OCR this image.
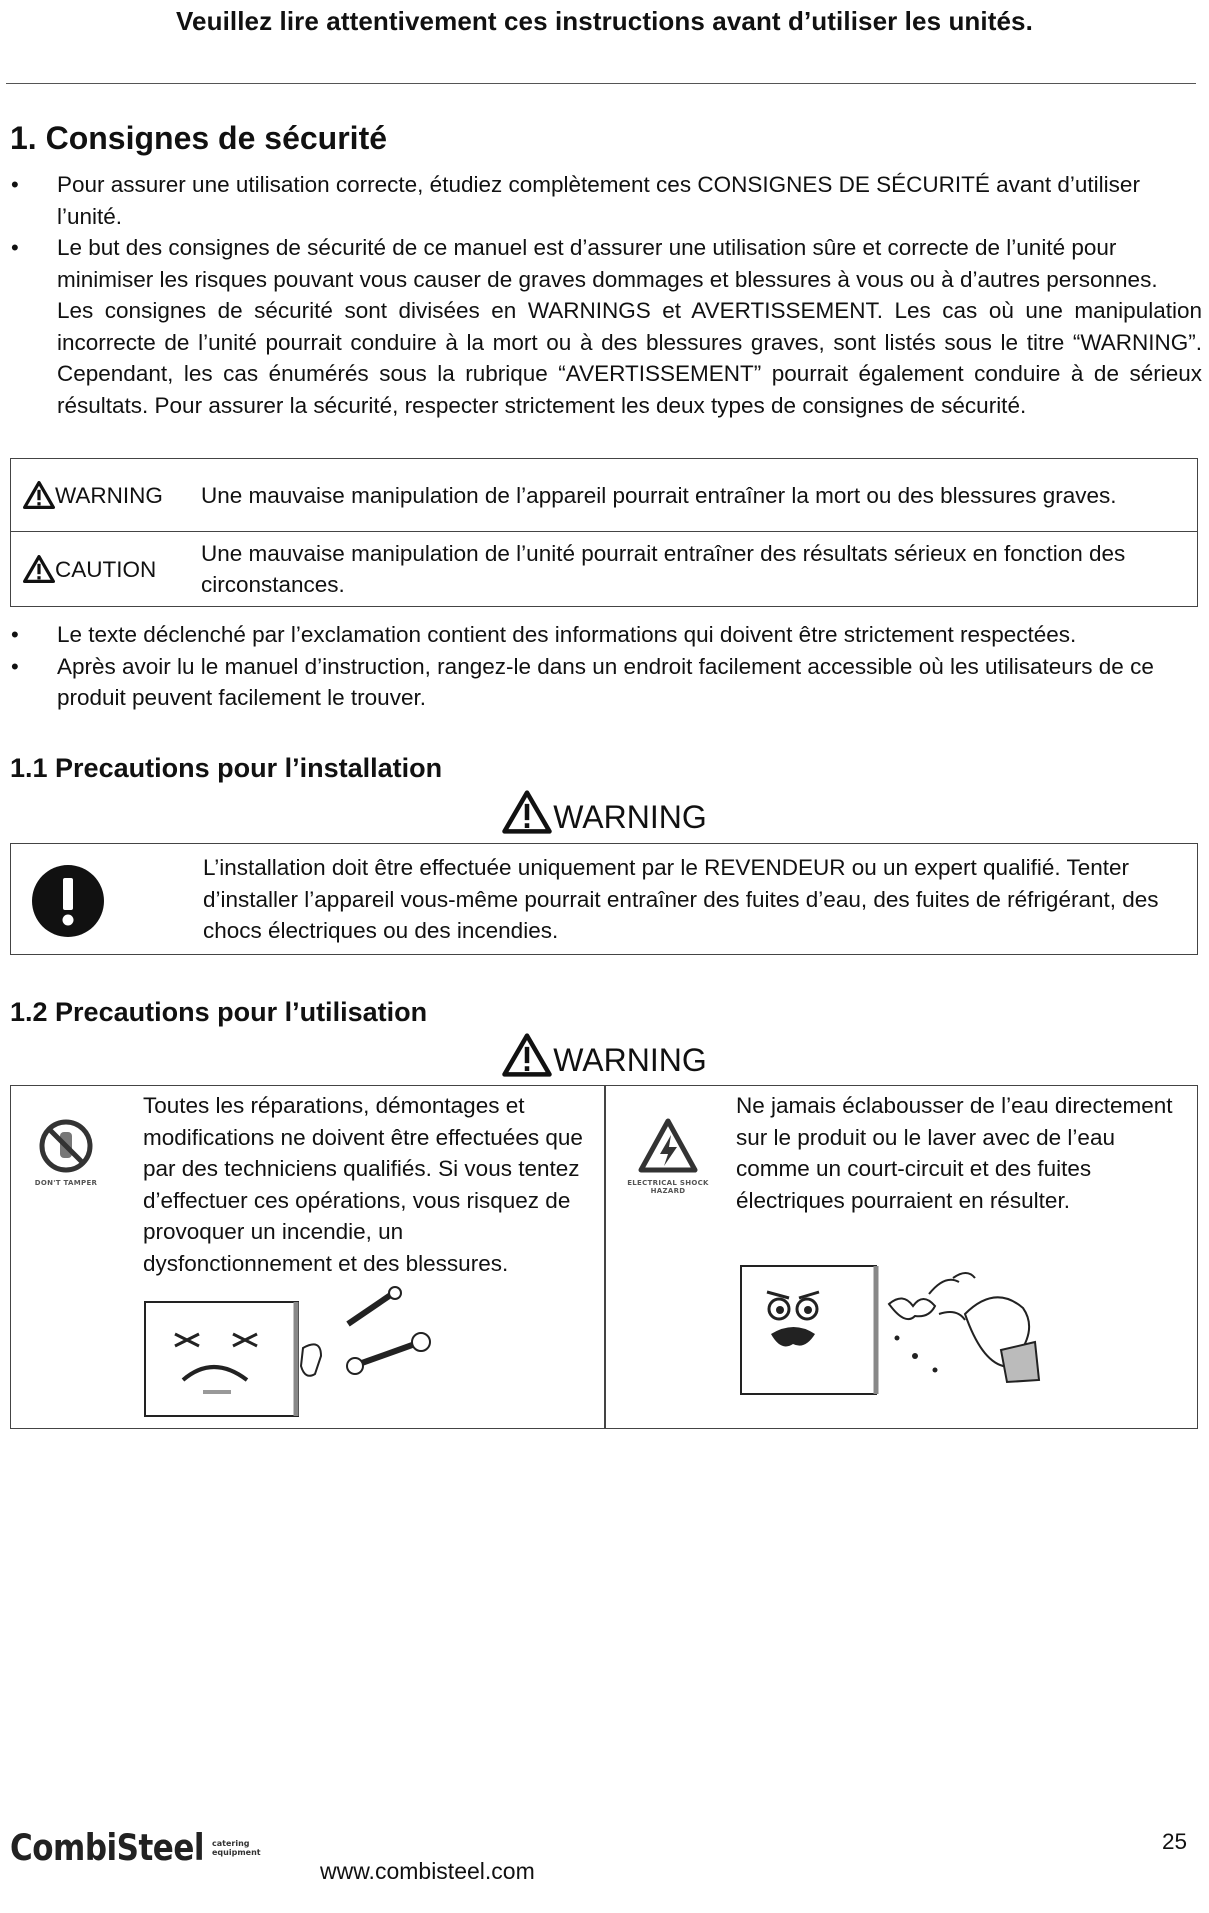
Veuillez lire attentivement ces instructions avant d’utiliser les unités.
1. Consignes de sécurité
• Pour assurer une utilisation correcte, étudiez complètement ces CONSIGNES DE SÉCURITÉ avant d’utiliser l’unité.
• Le but des consignes de sécurité de ce manuel est d’assurer une utilisation sûre et correcte de l’unité pour minimiser les risques pouvant vous causer de graves dommages et blessures à vous ou à d’autres personnes.
Les consignes de sécurité sont divisées en WARNINGS et AVERTISSEMENT. Les cas où une manipulation incorrecte de l’unité pourrait conduire à la mort ou à des blessures graves, sont listés sous le titre “WARNING”. Cependant, les cas énumérés sous la rubrique “AVERTISSEMENT” pourrait également conduire à de sérieux résultats. Pour assurer la sécurité, respecter strictement les deux types de consignes de sécurité.
WARNING	Une mauvaise manipulation de l’appareil pourrait entraîner la mort ou des blessures graves.

CAUTION	Une mauvaise manipulation de l’unité pourrait entraîner des résultats sérieux en fonction des circonstances.
• Le texte déclenché par l’exclamation contient des informations qui doivent être strictement respectées.
• Après avoir lu le manuel d’instruction, rangez-le dans un endroit facilement accessible où les utilisateurs de ce produit peuvent facilement le trouver.
1.1 Precautions pour l’installation
WARNING
L’installation doit être effectuée uniquement par le REVENDEUR ou un expert qualifié. Tenter d’installer l’appareil vous-même pourrait entraîner des fuites d’eau, des fuites de réfrigérant, des chocs électriques ou des incendies.
1.2 Precautions pour l’utilisation
WARNING
DON'T TAMPER
Toutes les réparations, démontages et modifications ne doivent être effectuées que par des techniciens qualifiés. Si vous tentez d’effectuer ces opérations, vous risquez de provoquer un incendie, un dysfonctionnement et des blessures.
ELECTRICAL SHOCK HAZARD
Ne jamais éclabousser de l’eau directement sur le produit ou le laver avec de l’eau comme un court-circuit et des fuites électriques pourraient en résulter.
CombiSteel catering
equipment
www.combisteel.com
25
